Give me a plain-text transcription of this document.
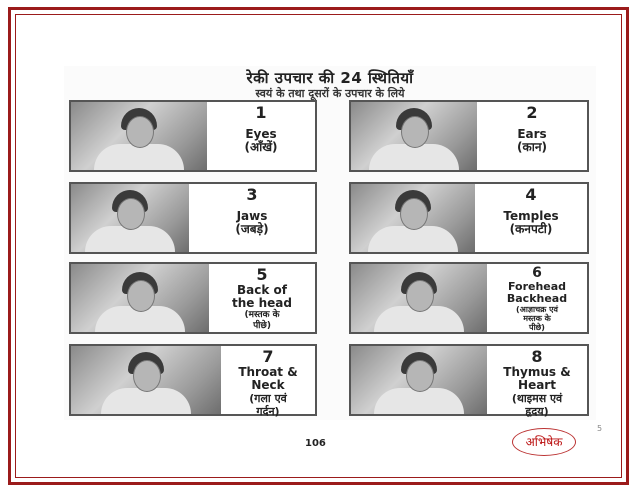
रेकी उपचार की 24 स्थितियाँ
स्वयं के तथा दूसरों के उपचार के लिये
1
Eyes
(आँखें)
2
Ears
(कान)
3
Jaws
(जबड़े)
4
Temples
(कनपटी)
5
Back of
the head
(मस्तक के
पीछे)
6
Forehead
Backhead
(आज्ञाचक्र एवं
मस्तक के
पीछे)
7
Throat &
Neck
(गला एवं
गर्दन)
8
Thymus &
Heart
(थाइमस एवं
हृदय)
5
106	अभिषेक
